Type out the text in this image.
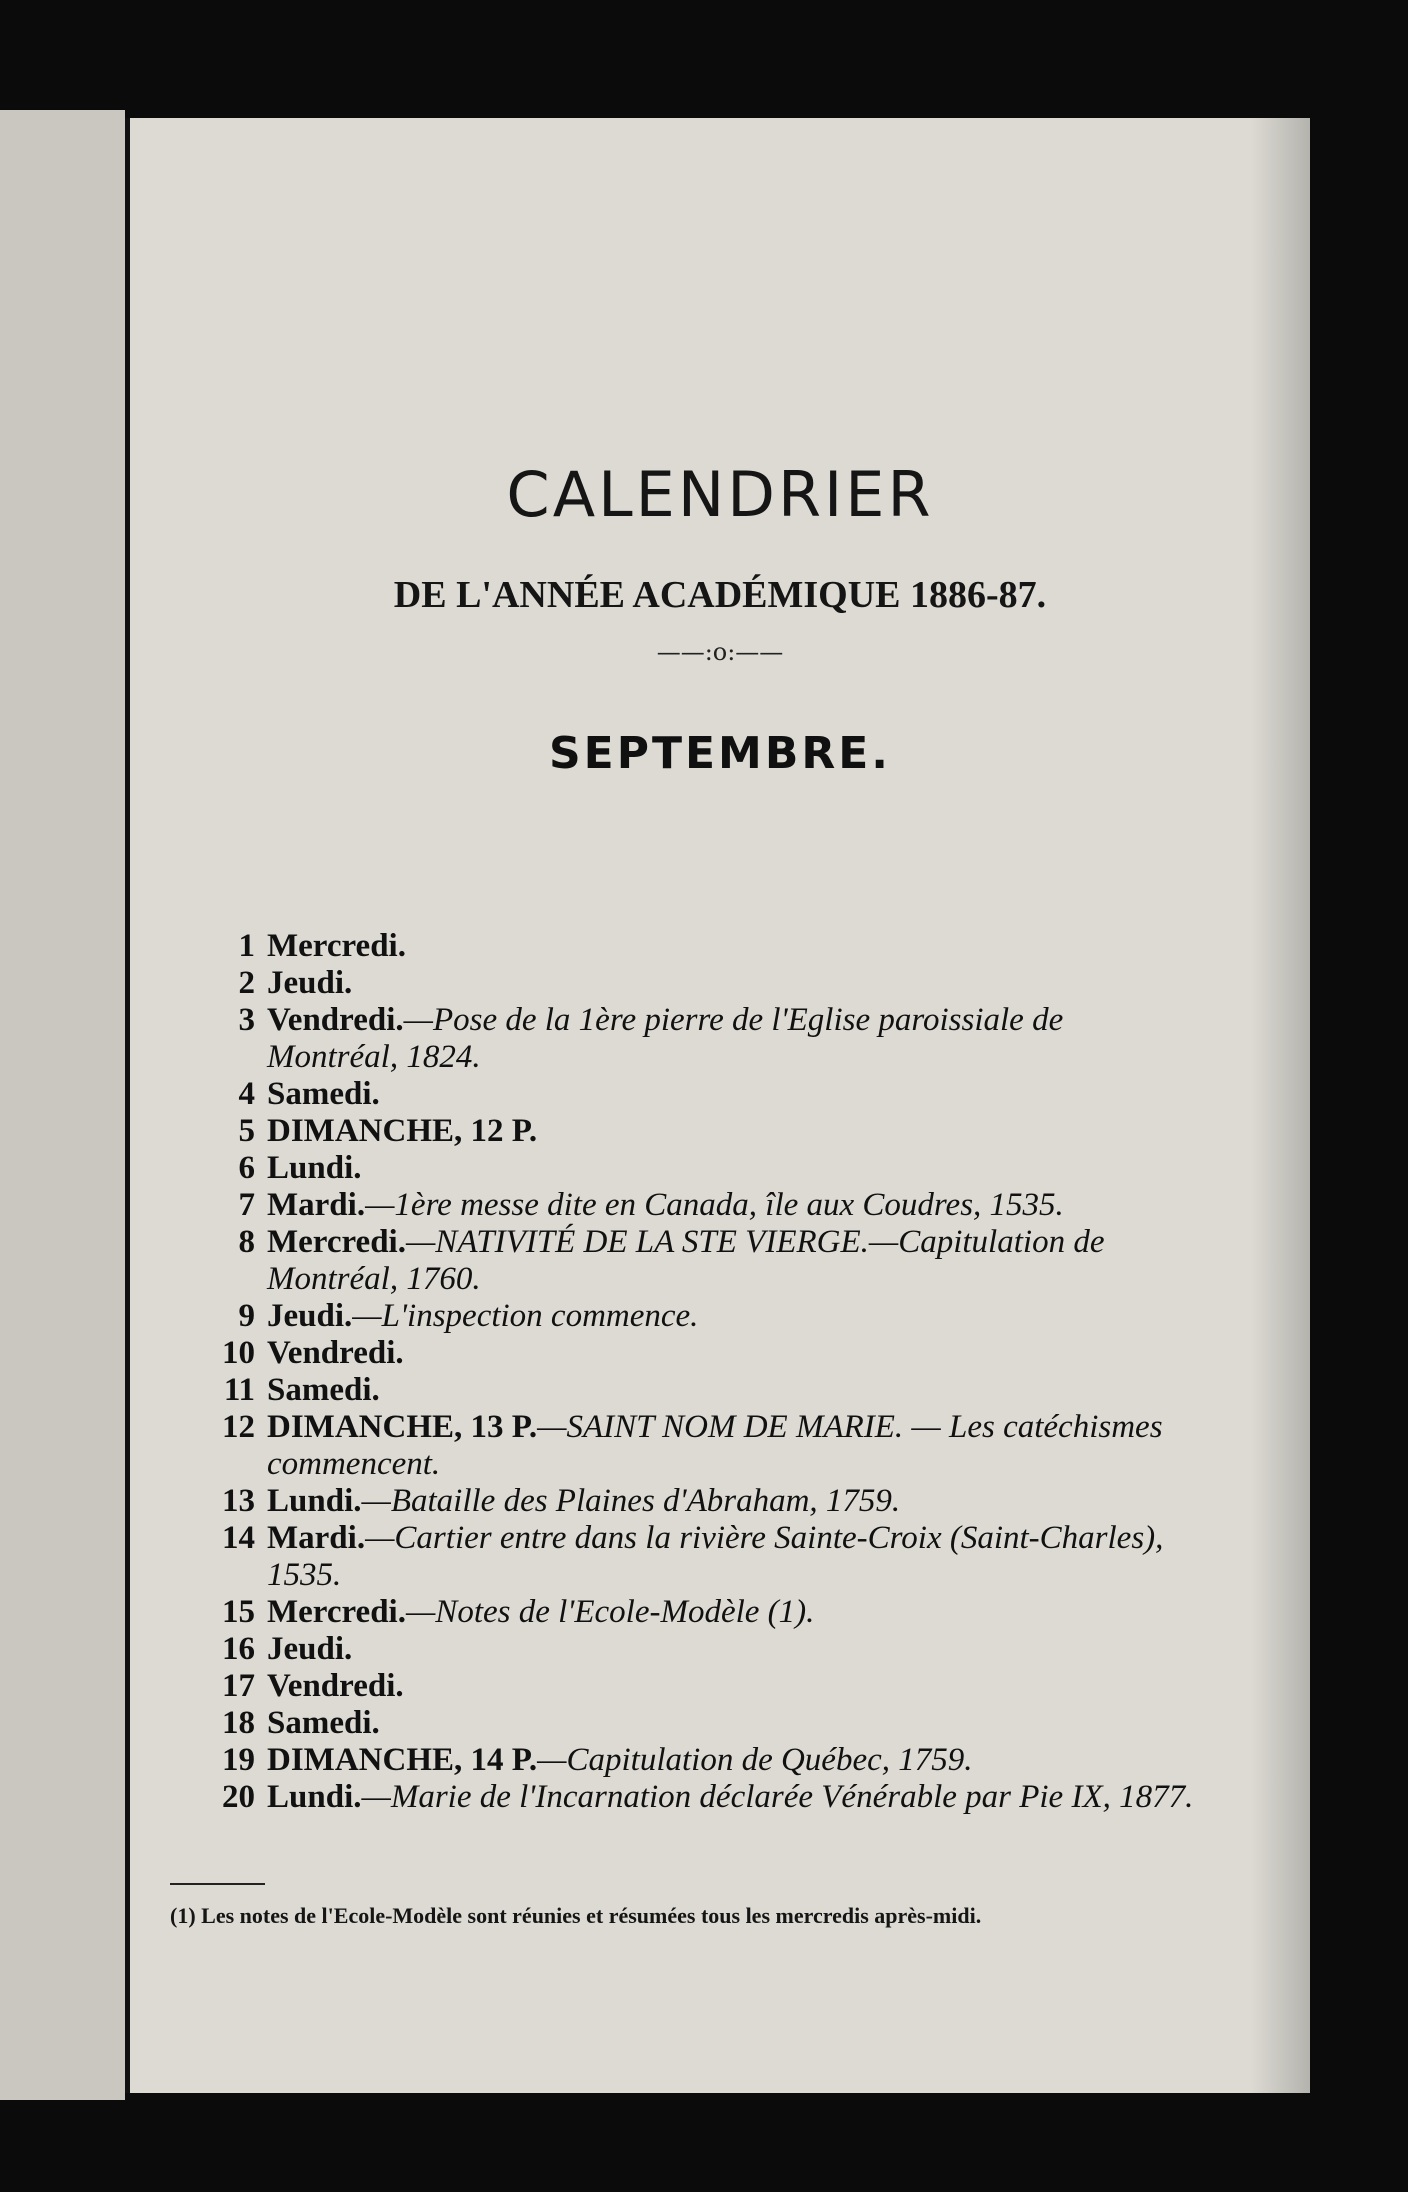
CALENDRIER
DE L'ANNÉE ACADÉMIQUE 1886-87.
——:o:——
SEPTEMBRE.
1 Mercredi.
2 Jeudi.
3 Vendredi.—Pose de la 1ère pierre de l'Eglise paroissiale de Montréal, 1824.
4 Samedi.
5 DIMANCHE, 12 P.
6 Lundi.
7 Mardi.—1ère messe dite en Canada, île aux Coudres, 1535.
8 Mercredi.—NATIVITÉ DE LA STE VIERGE.—Capitulation de Montréal, 1760.
9 Jeudi.—L'inspection commence.
10 Vendredi.
11 Samedi.
12 DIMANCHE, 13 P.—SAINT NOM DE MARIE. — Les catéchismes commencent.
13 Lundi.—Bataille des Plaines d'Abraham, 1759.
14 Mardi.—Cartier entre dans la rivière Sainte-Croix (Saint-Charles), 1535.
15 Mercredi.—Notes de l'Ecole-Modèle (1).
16 Jeudi.
17 Vendredi.
18 Samedi.
19 DIMANCHE, 14 P.—Capitulation de Québec, 1759.
20 Lundi.—Marie de l'Incarnation déclarée Vénérable par Pie IX, 1877.
(1) Les notes de l'Ecole-Modèle sont réunies et résumées tous les mercredis après-midi.
